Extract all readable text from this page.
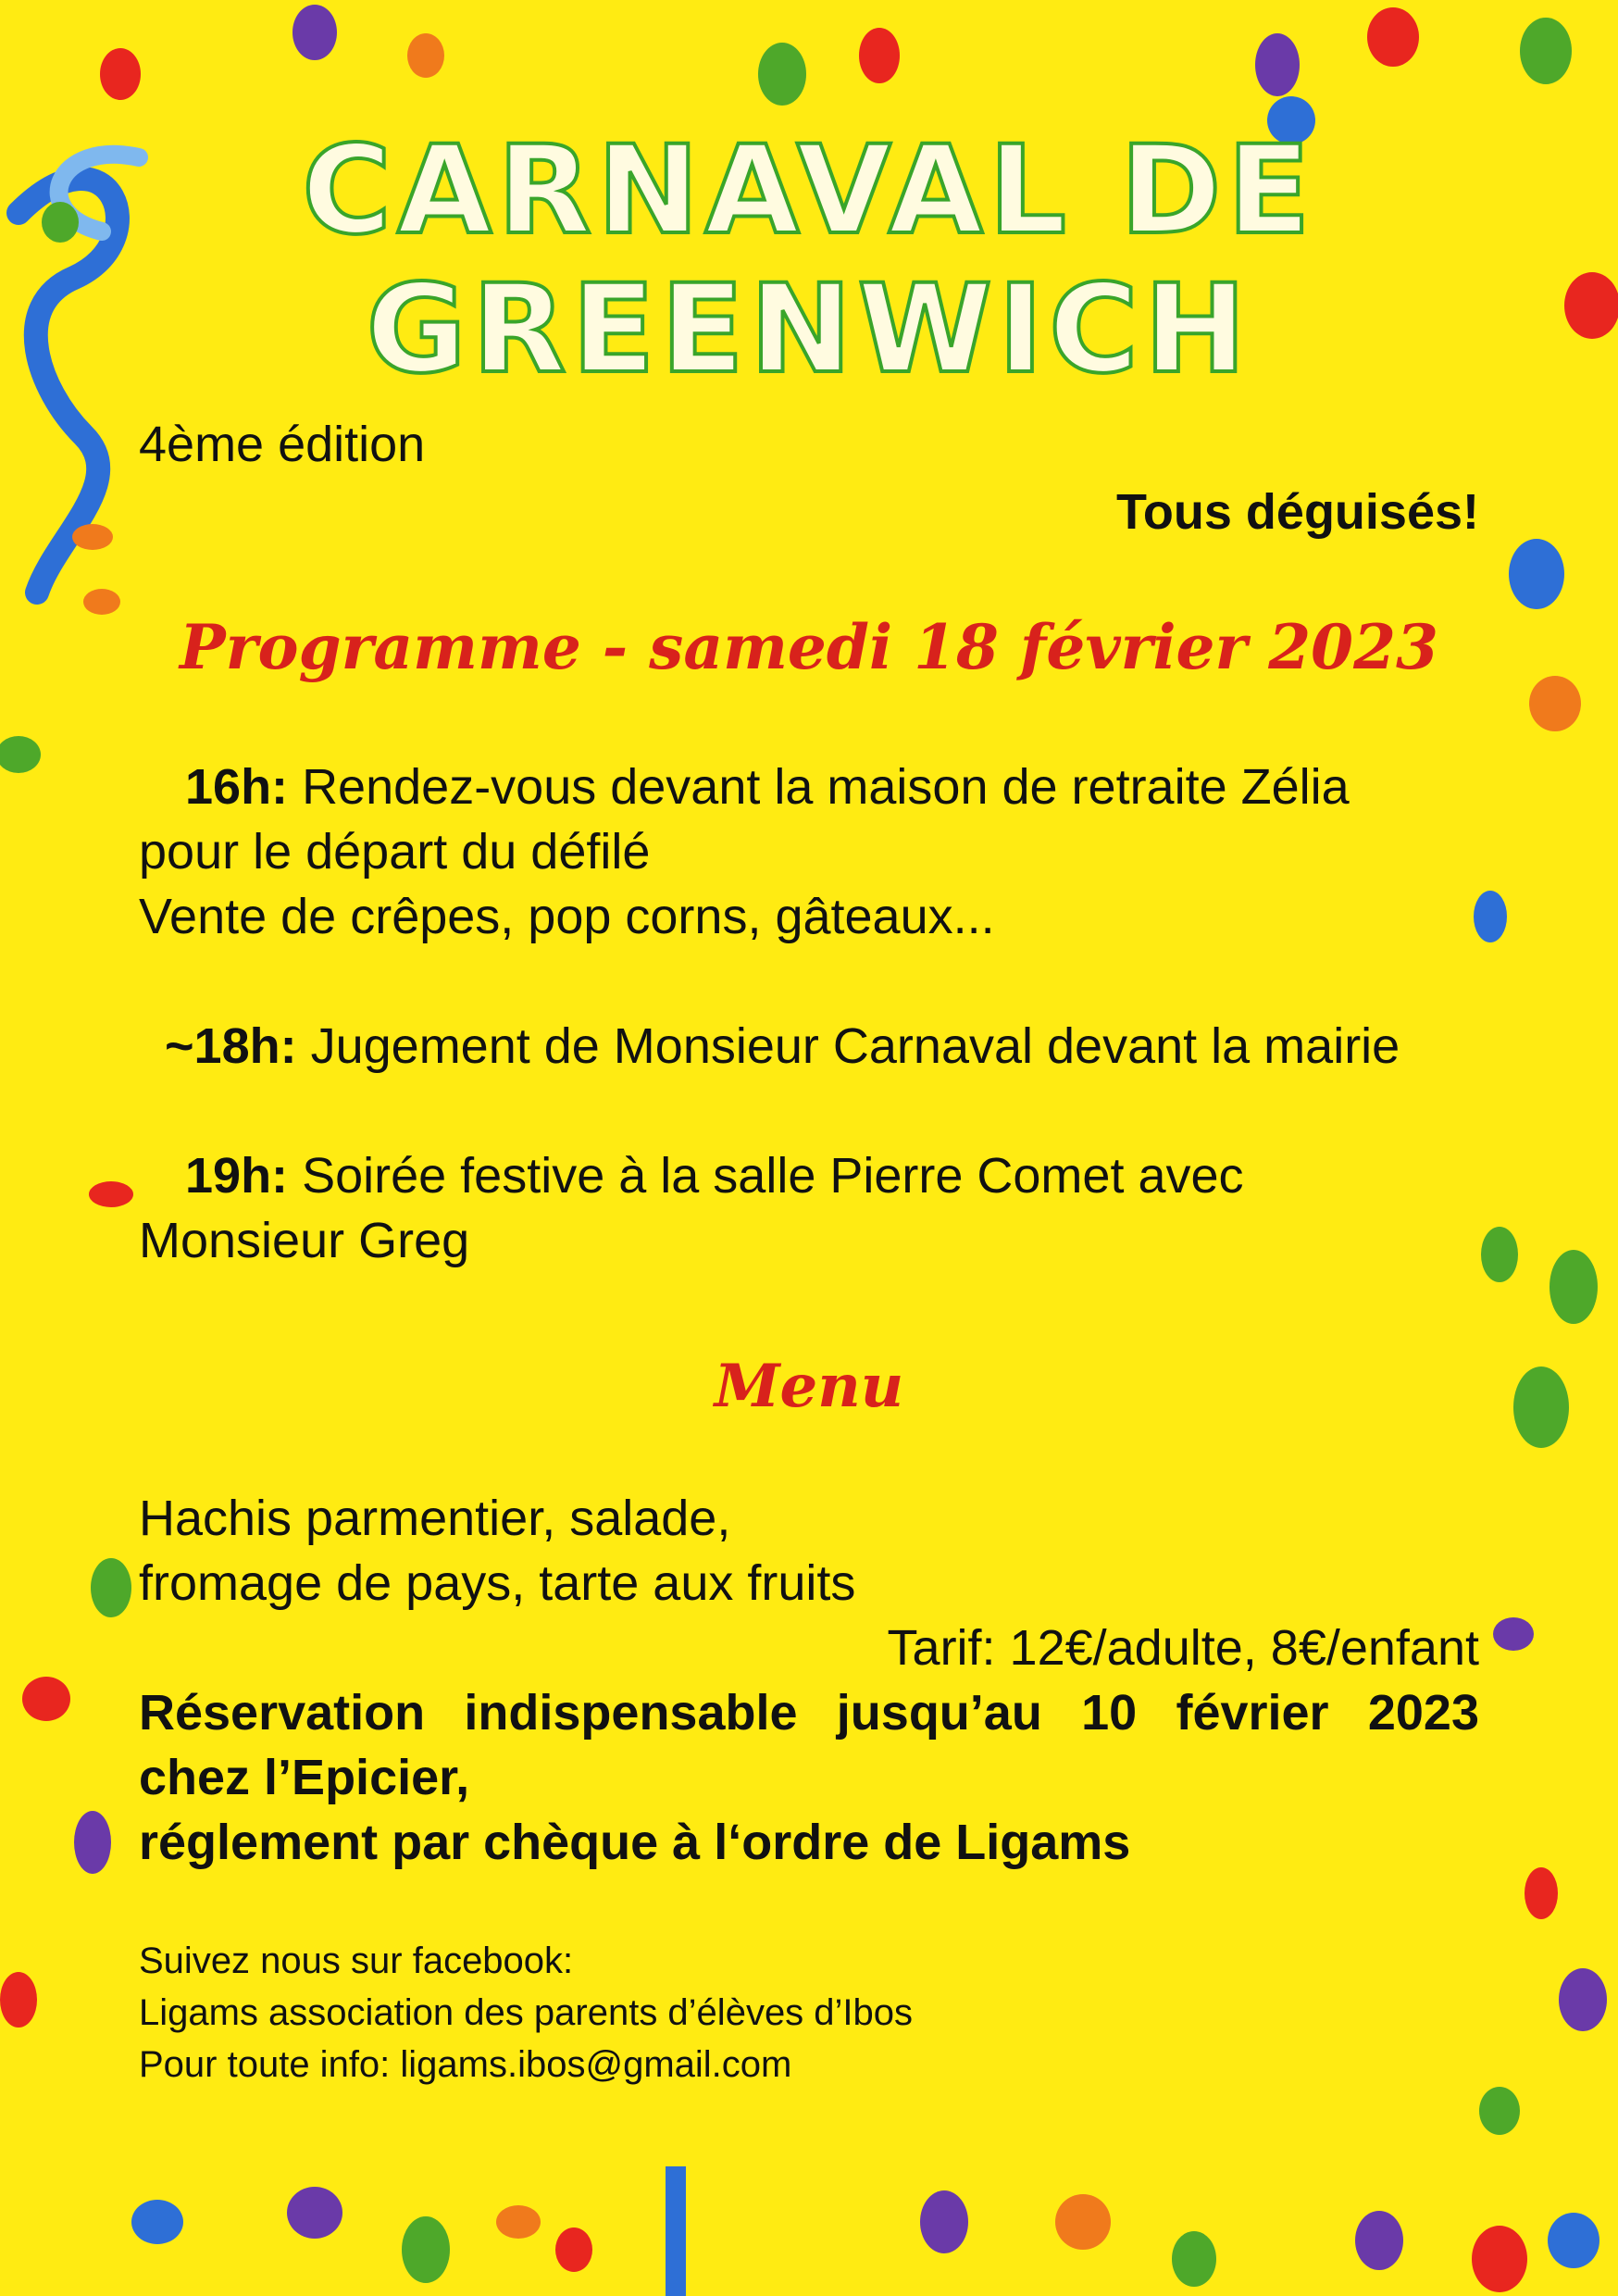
CARNAVAL DE
GREENWICH
4ème édition
Tous déguisés!
Programme - samedi 18 février 2023
16h: Rendez-vous devant la maison de retraite Zélia
pour le départ du défilé
Vente de crêpes, pop corns, gâteaux...
~18h: Jugement de Monsieur Carnaval devant la mairie
19h: Soirée festive à la salle Pierre Comet avec
Monsieur Greg
Menu
Hachis parmentier, salade,
fromage de pays, tarte aux fruits
Tarif: 12€/adulte, 8€/enfant
Réservation indispensable jusqu’au 10 février 2023
chez l’Epicier,
réglement par chèque à l‘ordre de Ligams
Suivez nous sur facebook:
Ligams association des parents d’élèves d’Ibos
Pour toute info: ligams.ibos@gmail.com
